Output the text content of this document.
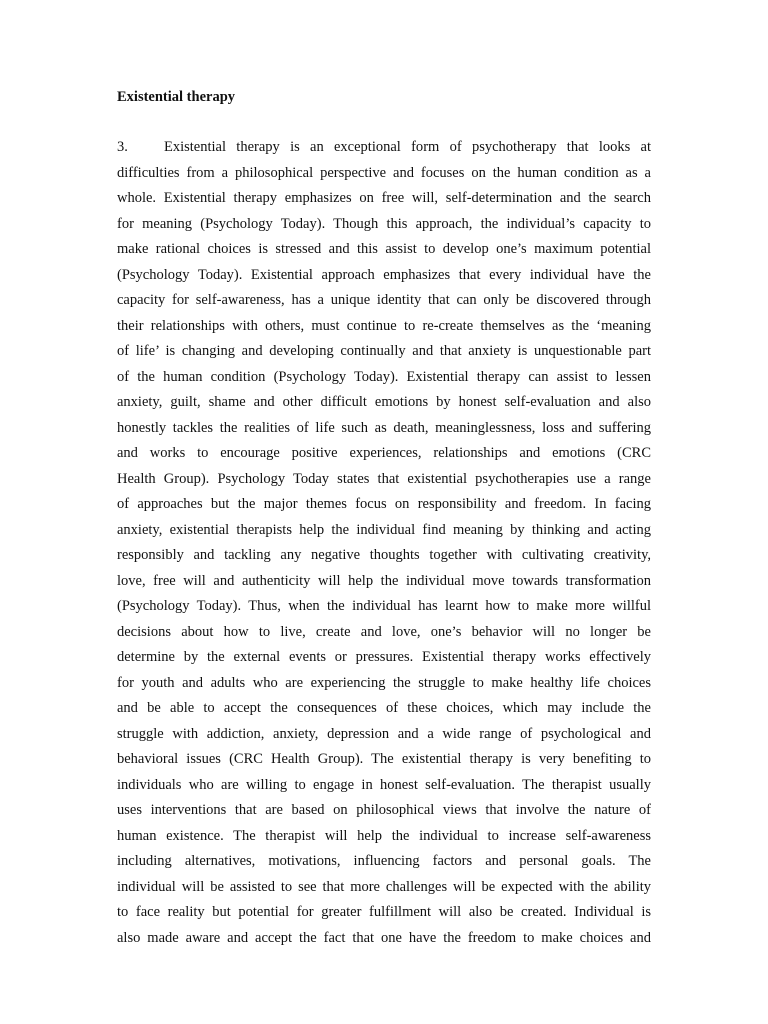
Existential therapy
3. Existential therapy is an exceptional form of psychotherapy that looks at
difficulties from a philosophical perspective and focuses on the human condition as a
whole. Existential therapy emphasizes on free will, self-determination and the search
for meaning (Psychology Today). Though this approach, the individual’s capacity to
make rational choices is stressed and this assist to develop one’s maximum potential
(Psychology Today). Existential approach emphasizes that every individual have the
capacity for self-awareness, has a unique identity that can only be discovered through
their relationships with others, must continue to re-create themselves as the ‘meaning
of life’ is changing and developing continually and that anxiety is unquestionable part
of the human condition (Psychology Today). Existential therapy can assist to lessen
anxiety, guilt, shame and other difficult emotions by honest self-evaluation and also
honestly tackles the realities of life such as death, meaninglessness, loss and suffering
and works to encourage positive experiences, relationships and emotions (CRC
Health Group). Psychology Today states that existential psychotherapies use a range
of approaches but the major themes focus on responsibility and freedom. In facing
anxiety, existential therapists help the individual find meaning by thinking and acting
responsibly and tackling any negative thoughts together with cultivating creativity,
love, free will and authenticity will help the individual move towards transformation
(Psychology Today). Thus, when the individual has learnt how to make more willful
decisions about how to live, create and love, one’s behavior will no longer be
determine by the external events or pressures. Existential therapy works effectively
for youth and adults who are experiencing the struggle to make healthy life choices
and be able to accept the consequences of these choices, which may include the
struggle with addiction, anxiety, depression and a wide range of psychological and
behavioral issues (CRC Health Group). The existential therapy is very benefiting to
individuals who are willing to engage in honest self-evaluation. The therapist usually
uses interventions that are based on philosophical views that involve the nature of
human existence. The therapist will help the individual to increase self-awareness
including alternatives, motivations, influencing factors and personal goals. The
individual will be assisted to see that more challenges will be expected with the ability
to face reality but potential for greater fulfillment will also be created. Individual is
also made aware and accept the fact that one have the freedom to make choices and
